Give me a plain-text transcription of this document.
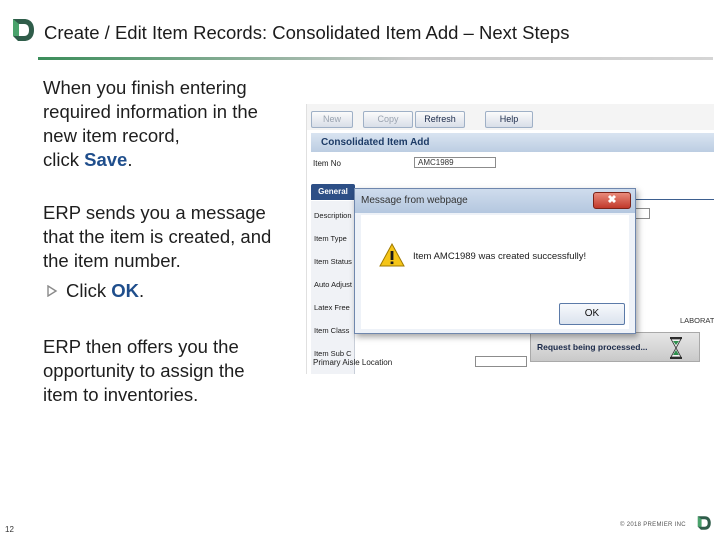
Create / Edit Item Records: Consolidated Item Add – Next Steps
When you finish entering
required information in the
new item record,
click Save.
ERP sends you a message
that the item is created, and
the item number.
Click OK.
ERP then offers you the
opportunity to assign the
item to inventories.
New	Copy	Refresh	Help
Consolidated Item Add
Item No	AMC1989
General
Description
Item Type
Item Status
Auto Adjust
Latex Free
Item Class
Item Sub C
Primary Aisle Location
LABORAT
Request being processed...
Message from webpage	✖
Item AMC1989 was created successfully!
OK
12	© 2018 PREMIER INC
